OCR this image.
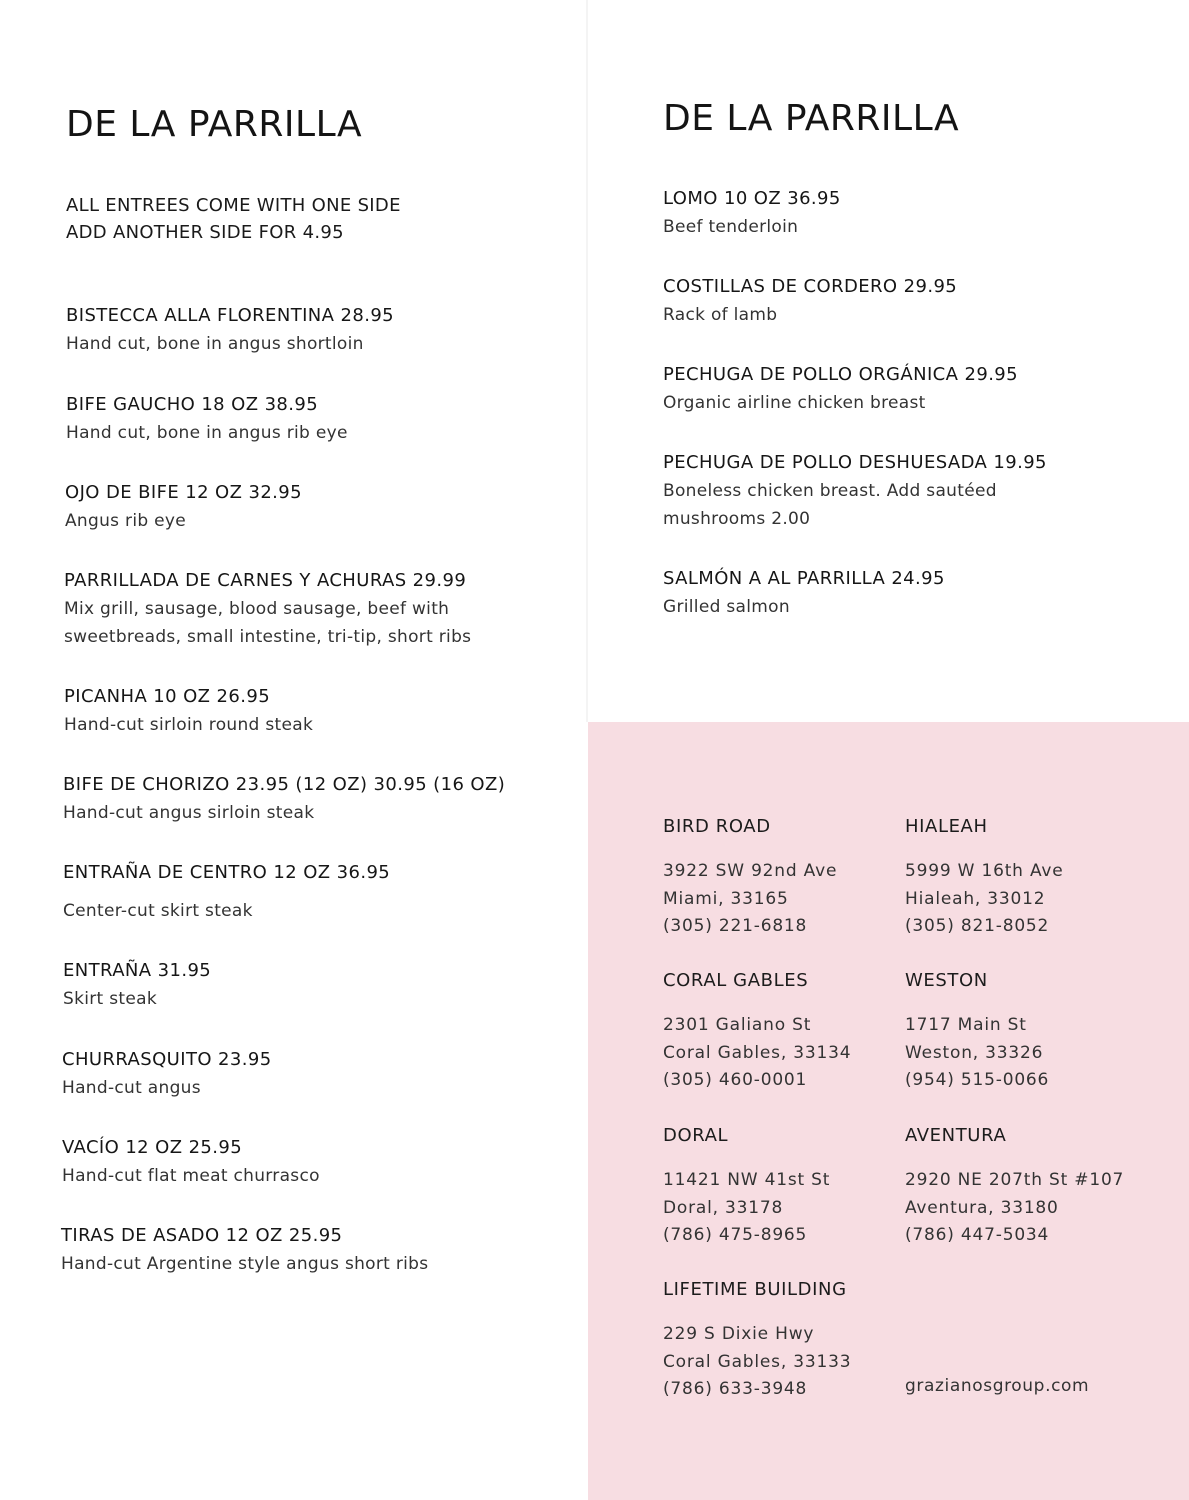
DE LA PARRILLA
ALL ENTREES COME WITH ONE SIDE
ADD ANOTHER SIDE FOR 4.95
DE LA PARRILLA
BISTECCA ALLA FLORENTINA 28.95
Hand cut, bone in angus shortloin
BIFE GAUCHO 18 OZ 38.95
Hand cut, bone in angus rib eye
OJO DE BIFE 12 OZ 32.95
Angus rib eye
PARRILLADA DE CARNES Y ACHURAS 29.99
Mix grill, sausage, blood sausage, beef with
sweetbreads, small intestine, tri-tip, short ribs
PICANHA 10 OZ 26.95
Hand-cut sirloin round steak
BIFE DE CHORIZO 23.95 (12 OZ) 30.95 (16 OZ)
Hand-cut angus sirloin steak
ENTRAÑA DE CENTRO 12 OZ 36.95
Center-cut skirt steak
ENTRAÑA 31.95
Skirt steak
CHURRASQUITO 23.95
Hand-cut angus
VACÍO 12 OZ 25.95
Hand-cut flat meat churrasco
TIRAS DE ASADO 12 OZ 25.95
Hand-cut Argentine style angus short ribs
LOMO 10 OZ 36.95
Beef tenderloin
COSTILLAS DE CORDERO 29.95
Rack of lamb
PECHUGA DE POLLO ORGÁNICA 29.95
Organic airline chicken breast
PECHUGA DE POLLO DESHUESADA 19.95
Boneless chicken breast. Add sautéed
mushrooms 2.00
SALMÓN A AL PARRILLA 24.95
Grilled salmon
BIRD ROAD
3922 SW 92nd Ave
Miami, 33165
(305) 221-6818
HIALEAH
5999 W 16th Ave
Hialeah, 33012
(305) 821-8052
CORAL GABLES
2301 Galiano St
Coral Gables, 33134
(305) 460-0001
WESTON
1717 Main St
Weston, 33326
(954) 515-0066
DORAL
11421 NW 41st St
Doral, 33178
(786) 475-8965
AVENTURA
2920 NE 207th St #107
Aventura, 33180
(786) 447-5034
LIFETIME BUILDING
229 S Dixie Hwy
Coral Gables, 33133
(786) 633-3948	grazianosgroup.com
